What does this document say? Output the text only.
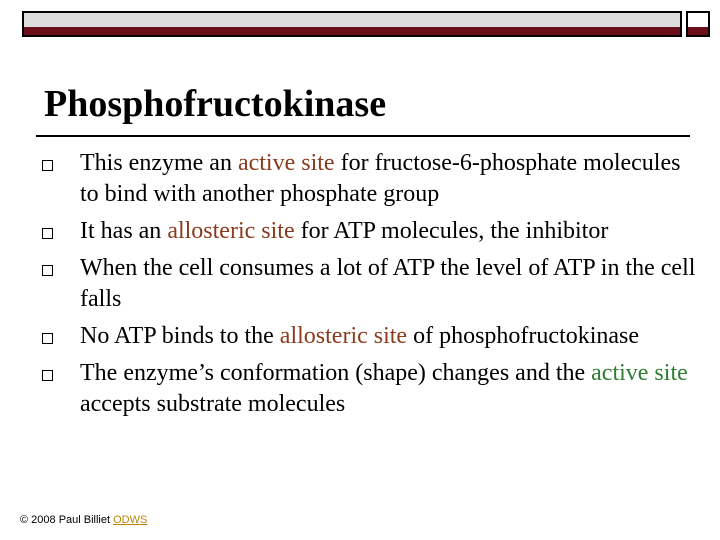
Phosphofructokinase
This enzyme an active site for fructose-6-phosphate molecules to bind with another phosphate group
It has an allosteric site for ATP molecules, the inhibitor
When the cell consumes a lot of ATP the level of ATP in the cell falls
No ATP binds to the allosteric site of phosphofructokinase
The enzyme’s conformation (shape) changes and the active site accepts substrate molecules
© 2008 Paul Billiet ODWS
